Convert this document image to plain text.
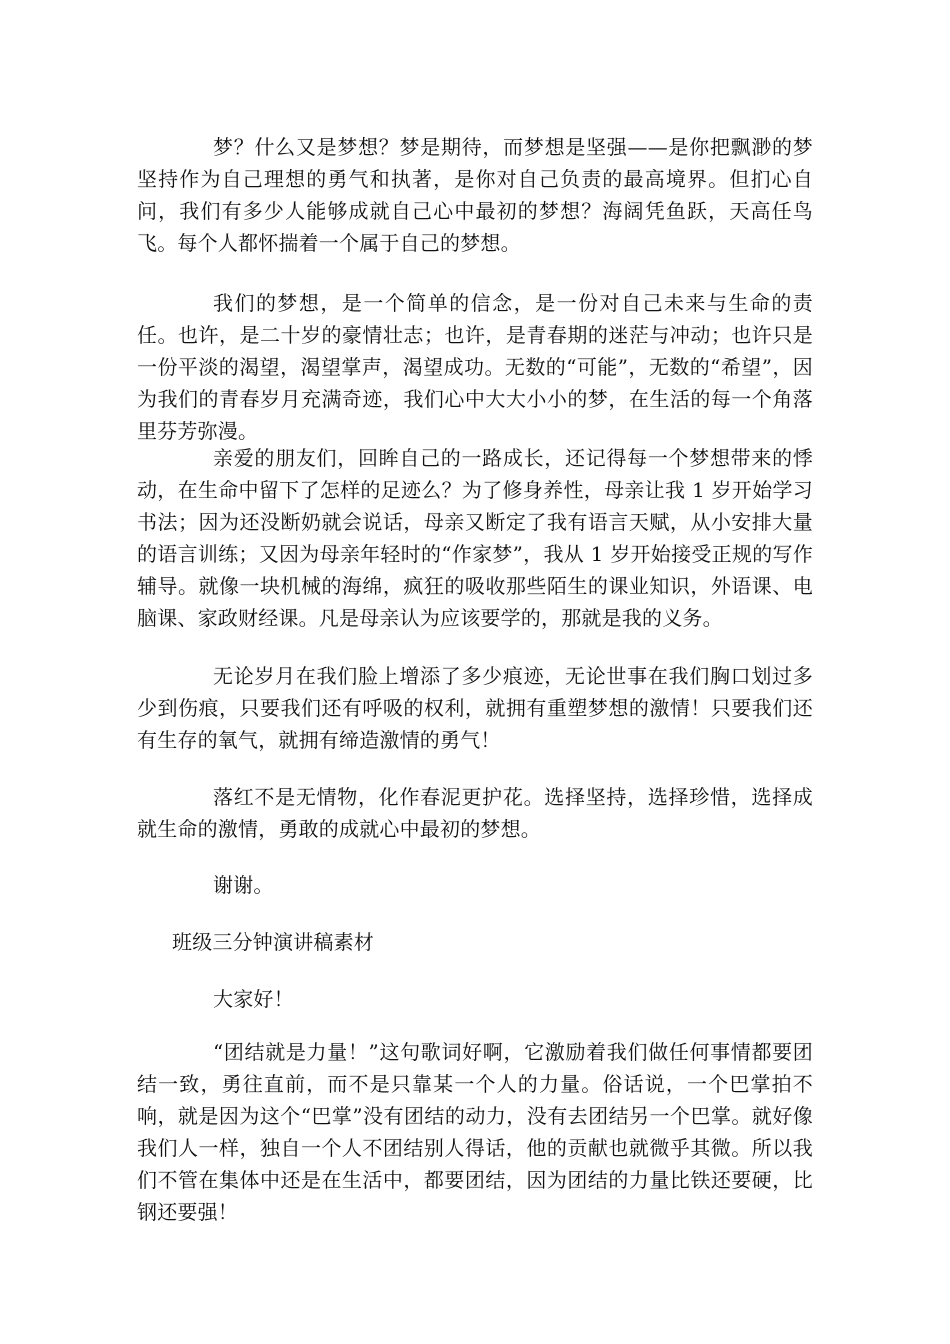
梦？什么又是梦想？梦是期待，而梦想是坚强——是你把飘渺的梦坚持作为自己理想的勇气和执著，是你对自己负责的最高境界。但扪心自问，我们有多少人能够成就自己心中最初的梦想？海阔凭鱼跃，天高任鸟飞。每个人都怀揣着一个属于自己的梦想。

我们的梦想，是一个简单的信念，是一份对自己未来与生命的责任。也许，是二十岁的豪情壮志；也许，是青春期的迷茫与冲动；也许只是一份平淡的渴望，渴望掌声，渴望成功。无数的“可能”，无数的“希望”，因为我们的青春岁月充满奇迹，我们心中大大小小的梦，在生活的每一个角落里芬芳弥漫。

亲爱的朋友们，回眸自己的一路成长，还记得每一个梦想带来的悸动，在生命中留下了怎样的足迹么？为了修身养性，母亲让我 1 岁开始学习书法；因为还没断奶就会说话，母亲又断定了我有语言天赋，从小安排大量的语言训练；又因为母亲年轻时的“作家梦”，我从 1 岁开始接受正规的写作辅导。就像一块机械的海绵，疯狂的吸收那些陌生的课业知识，外语课、电脑课、家政财经课。凡是母亲认为应该要学的，那就是我的义务。

无论岁月在我们脸上增添了多少痕迹，无论世事在我们胸口划过多少到伤痕，只要我们还有呼吸的权利，就拥有重塑梦想的激情！只要我们还有生存的氧气，就拥有缔造激情的勇气！

落红不是无情物，化作春泥更护花。选择坚持，选择珍惜，选择成就生命的激情，勇敢的成就心中最初的梦想。

谢谢。

班级三分钟演讲稿素材

大家好！

“团结就是力量！”这句歌词好啊，它激励着我们做任何事情都要团结一致，勇往直前，而不是只靠某一个人的力量。俗话说，一个巴掌拍不响，就是因为这个“巴掌”没有团结的动力，没有去团结另一个巴掌。就好像我们人一样，独自一个人不团结别人得话，他的贡献也就微乎其微。所以我们不管在集体中还是在生活中，都要团结，因为团结的力量比铁还要硬，比钢还要强！
